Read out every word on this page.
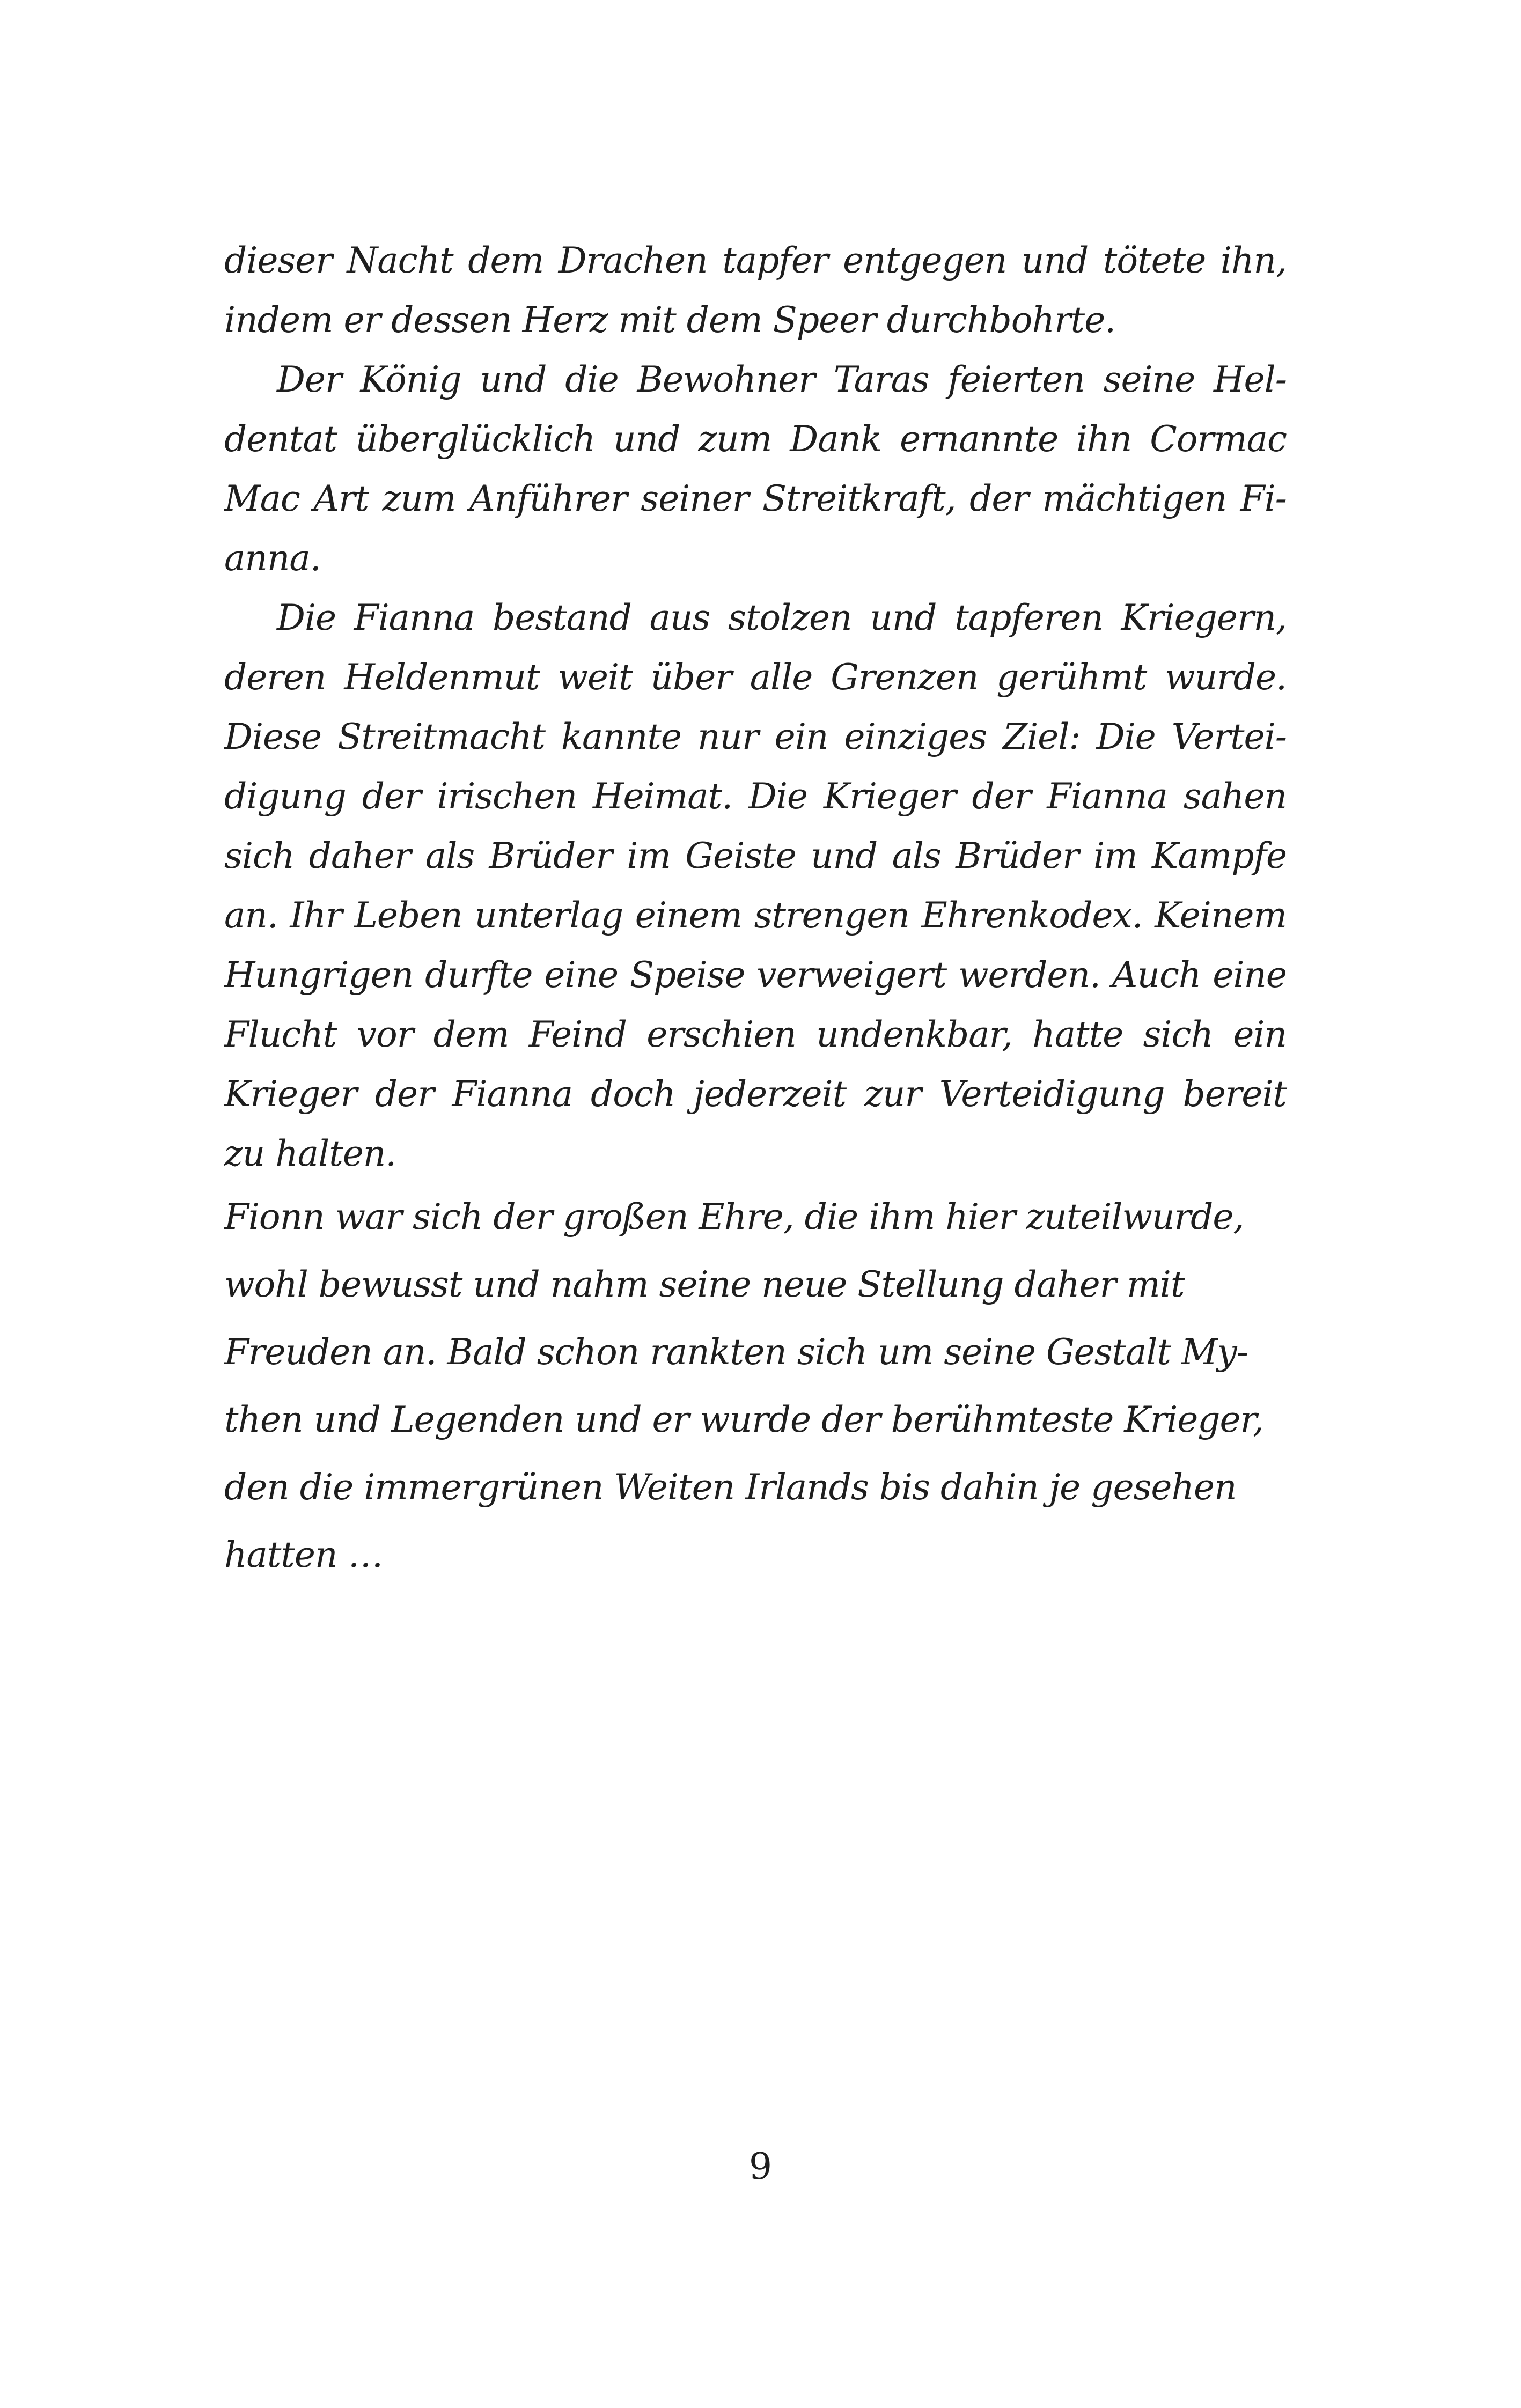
dieser Nacht dem Drachen tapfer entgegen und tötete ihn,
indem er dessen Herz mit dem Speer durchbohrte.
Der König und die Bewohner Taras feierten seine Hel-
dentat überglücklich und zum Dank ernannte ihn Cormac
Mac Art zum Anführer seiner Streitkraft, der mächtigen Fi-
anna.
Die Fianna bestand aus stolzen und tapferen Kriegern,
deren Heldenmut weit über alle Grenzen gerühmt wurde.
Diese Streitmacht kannte nur ein einziges Ziel: Die Vertei-
digung der irischen Heimat. Die Krieger der Fianna sahen
sich daher als Brüder im Geiste und als Brüder im Kampfe
an. Ihr Leben unterlag einem strengen Ehrenkodex. Keinem
Hungrigen durfte eine Speise verweigert werden. Auch eine
Flucht vor dem Feind erschien undenkbar, hatte sich ein
Krieger der Fianna doch jederzeit zur Verteidigung bereit
zu halten.
Fionn war sich der großen Ehre, die ihm hier zuteilwurde,
wohl bewusst und nahm seine neue Stellung daher mit
Freuden an. Bald schon rankten sich um seine Gestalt My-
then und Legenden und er wurde der berühmteste Krieger,
den die immergrünen Weiten Irlands bis dahin je gesehen
hatten …
9
